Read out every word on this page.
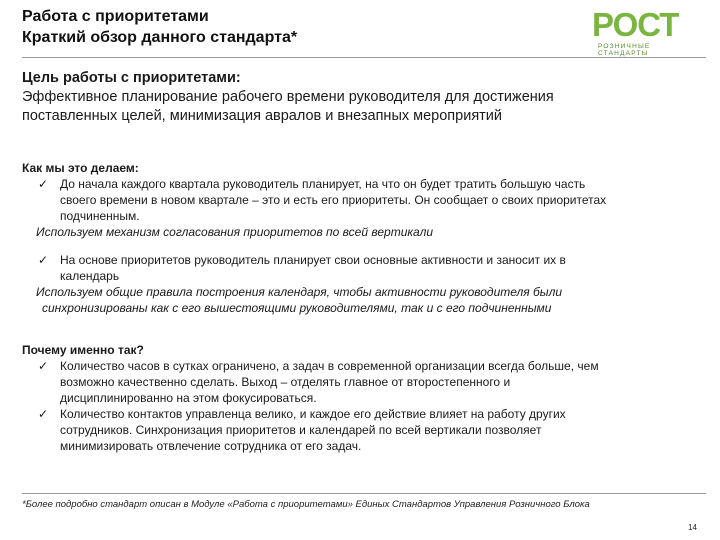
Работа с приоритетами
Краткий обзор данного стандарта*	РОСТ
РОЗНИЧНЫЕ СТАНДАРТЫ
Цель работы с приоритетами:
Эффективное планирование рабочего времени руководителя для достижения
поставленных целей, минимизация авралов и внезапных мероприятий
Как мы это делаем:
✓ До начала каждого квартала руководитель планирует, на что он будет тратить большую часть
своего времени в новом квартале – это и есть его приоритеты. Он сообщает о своих приоритетах
подчиненным.
Используем механизм согласования приоритетов по всей вертикали
✓ На основе приоритетов руководитель планирует свои основные активности и заносит их в
календарь
Используем общие правила построения календаря, чтобы активности руководителя были
синхронизированы как с его вышестоящими руководителями, так и с его подчиненными
Почему именно так?
✓ Количество часов в сутках ограничено, а задач в современной организации всегда больше, чем
возможно качественно сделать. Выход – отделять главное от второстепенного и
дисциплинированно на этом фокусироваться.
✓ Количество контактов управленца велико, и каждое его действие влияет на работу других
сотрудников. Синхронизация приоритетов и календарей по всей вертикали позволяет
минимизировать отвлечение сотрудника от его задач.
*Более подробно стандарт описан в Модуле «Работа с приоритетами» Единых Стандартов Управления Розничного Блока
14
